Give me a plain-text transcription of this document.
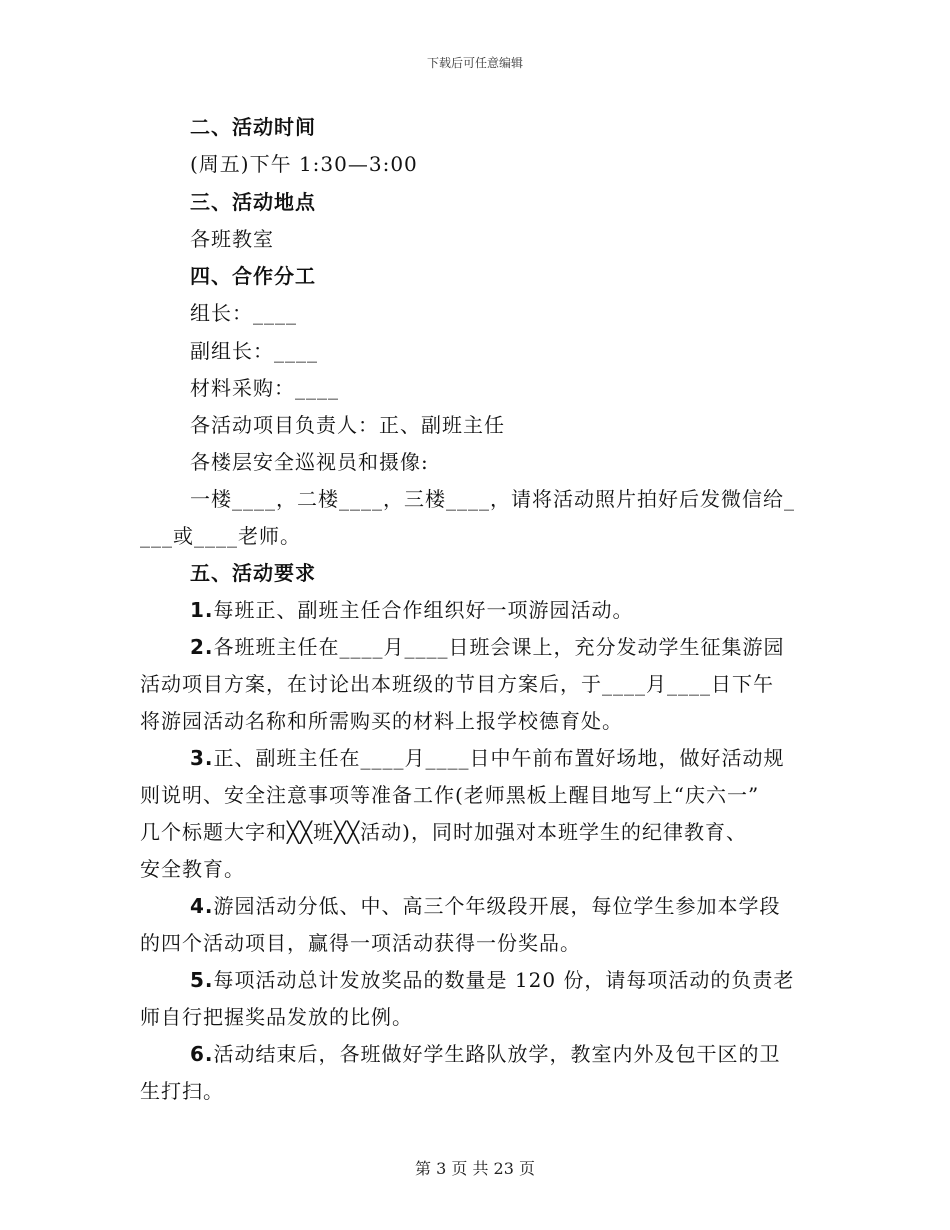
下载后可任意编辑
二、活动时间
(周五)下午 1:30—3:00
三、活动地点
各班教室
四、合作分工
组长：____
副组长：____
材料采购：____
各活动项目负责人：正、副班主任
各楼层安全巡视员和摄像:
一楼____，二楼____，三楼____，请将活动照片拍好后发微信给_
___或____老师。
五、活动要求
1.每班正、副班主任合作组织好一项游园活动。
2.各班班主任在____月____日班会课上，充分发动学生征集游园
活动项目方案，在讨论出本班级的节目方案后，于____月____日下午
将游园活动名称和所需购买的材料上报学校德育处。
3.正、副班主任在____月____日中午前布置好场地，做好活动规
则说明、安全注意事项等准备工作(老师黑板上醒目地写上“庆六一”
几个标题大字和╳╳班╳╳活动)，同时加强对本班学生的纪律教育、
安全教育。
4.游园活动分低、中、高三个年级段开展，每位学生参加本学段
的四个活动项目，赢得一项活动获得一份奖品。
5.每项活动总计发放奖品的数量是 120 份，请每项活动的负责老
师自行把握奖品发放的比例。
6.活动结束后，各班做好学生路队放学，教室内外及包干区的卫
生打扫。
第 3 页 共 23 页
